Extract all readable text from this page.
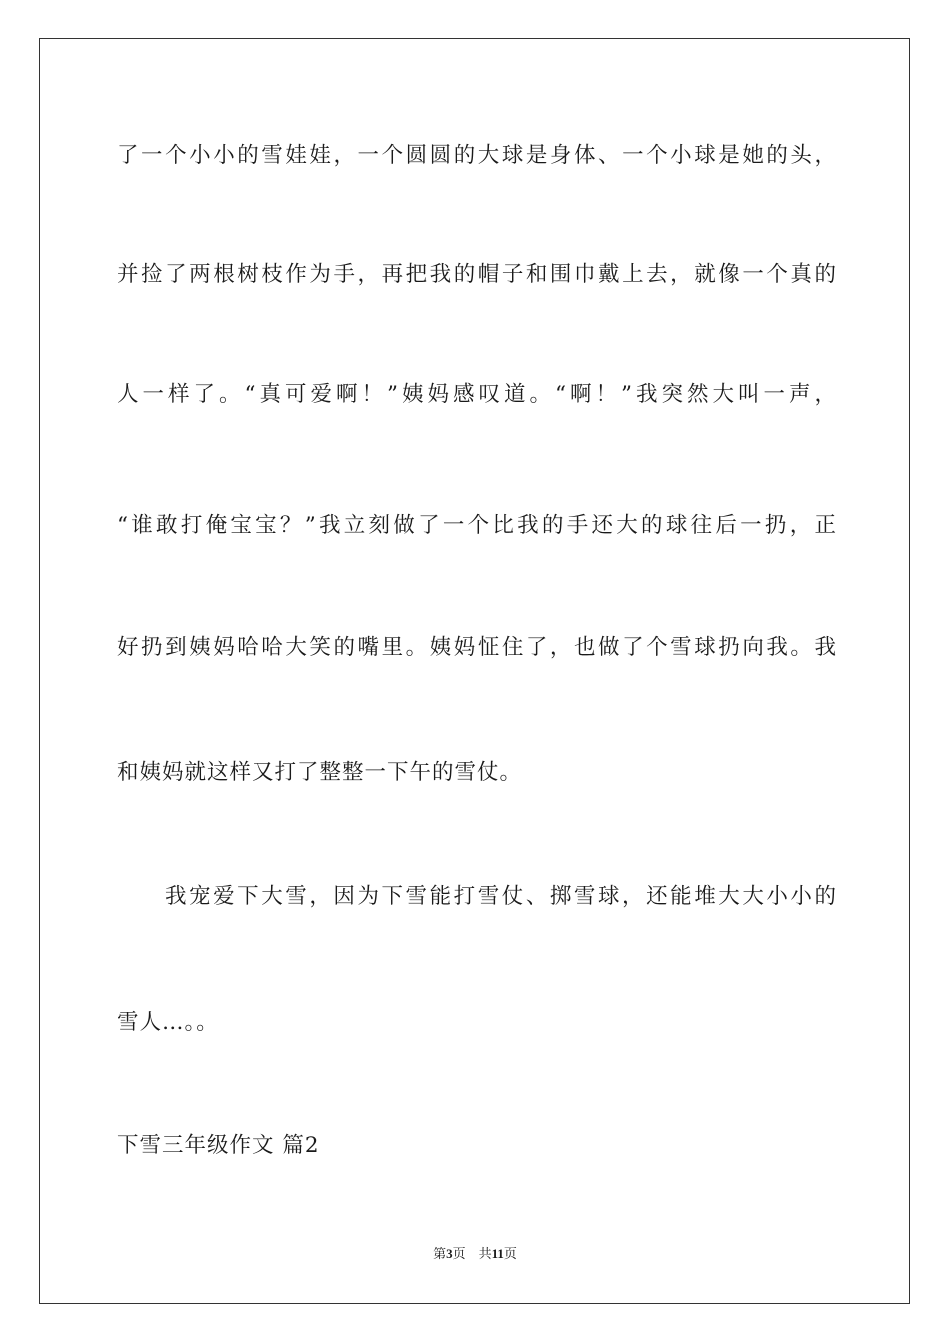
了一个小小的雪娃娃，一个圆圆的大球是身体、一个小球是她的头，
并捡了两根树枝作为手，再把我的帽子和围巾戴上去，就像一个真的
人一样了。“真可爱啊！”姨妈感叹道。“啊！”我突然大叫一声，
“谁敢打俺宝宝？”我立刻做了一个比我的手还大的球往后一扔，正
好扔到姨妈哈哈大笑的嘴里。姨妈怔住了，也做了个雪球扔向我。我
和姨妈就这样又打了整整一下午的雪仗。
我宠爱下大雪，因为下雪能打雪仗、掷雪球，还能堆大大小小的
雪人…。。
下雪三年级作文 篇2
第3页 共11页
